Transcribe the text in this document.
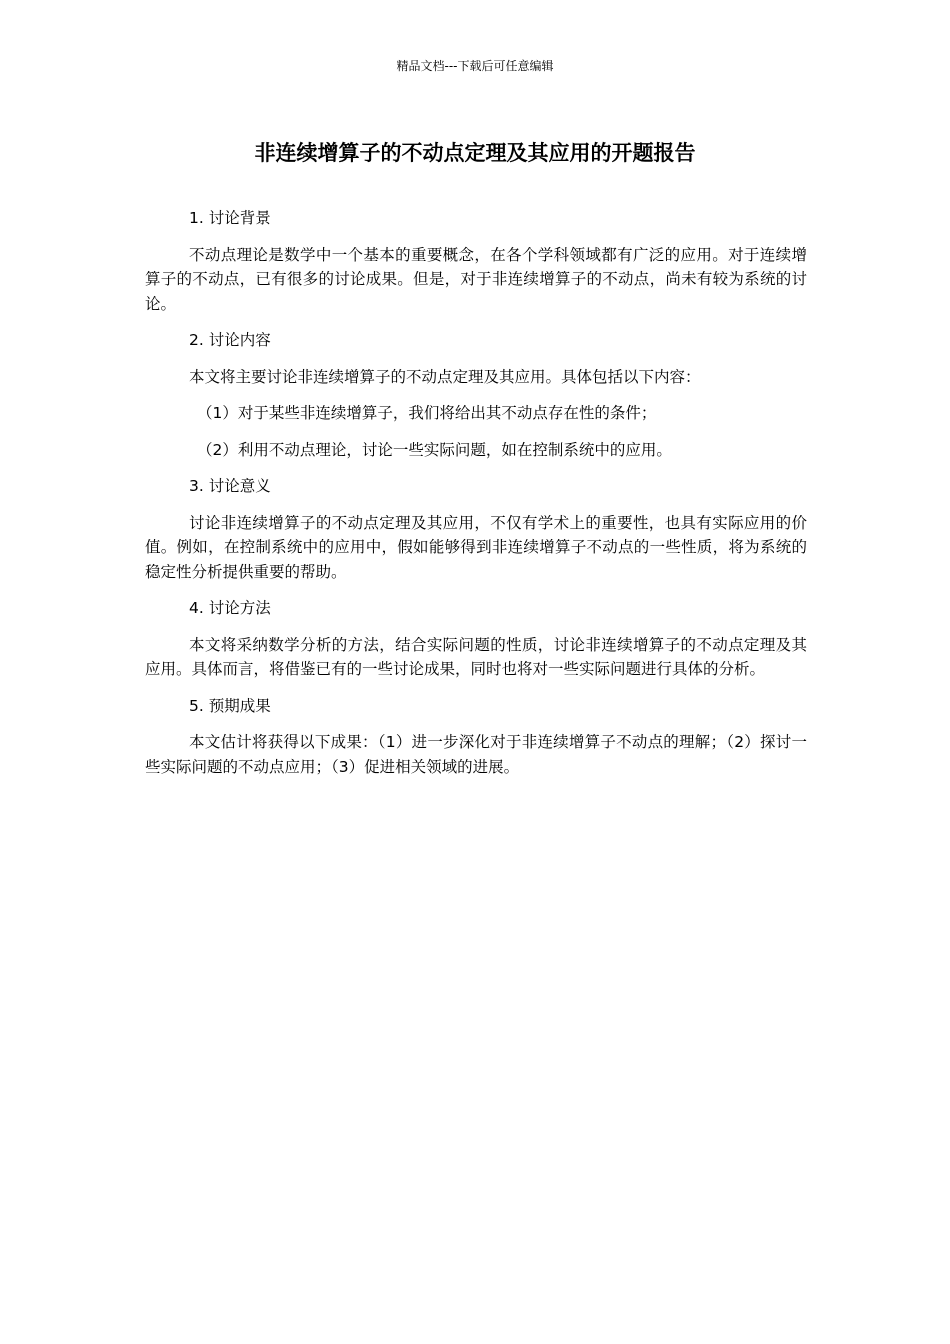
精品文档---下载后可任意编辑
非连续增算子的不动点定理及其应用的开题报告

1. 讨论背景

不动点理论是数学中一个基本的重要概念，在各个学科领域都有广泛的应用。对于连续增算子的不动点，已有很多的讨论成果。但是，对于非连续增算子的不动点，尚未有较为系统的讨论。

2. 讨论内容

本文将主要讨论非连续增算子的不动点定理及其应用。具体包括以下内容：

（1）对于某些非连续增算子，我们将给出其不动点存在性的条件；

（2）利用不动点理论，讨论一些实际问题，如在控制系统中的应用。

3. 讨论意义

讨论非连续增算子的不动点定理及其应用，不仅有学术上的重要性，也具有实际应用的价值。例如，在控制系统中的应用中，假如能够得到非连续增算子不动点的一些性质，将为系统的稳定性分析提供重要的帮助。

4. 讨论方法

本文将采纳数学分析的方法，结合实际问题的性质，讨论非连续增算子的不动点定理及其应用。具体而言，将借鉴已有的一些讨论成果，同时也将对一些实际问题进行具体的分析。

5. 预期成果

本文估计将获得以下成果：（1）进一步深化对于非连续增算子不动点的理解；（2）探讨一些实际问题的不动点应用；（3）促进相关领域的进展。
